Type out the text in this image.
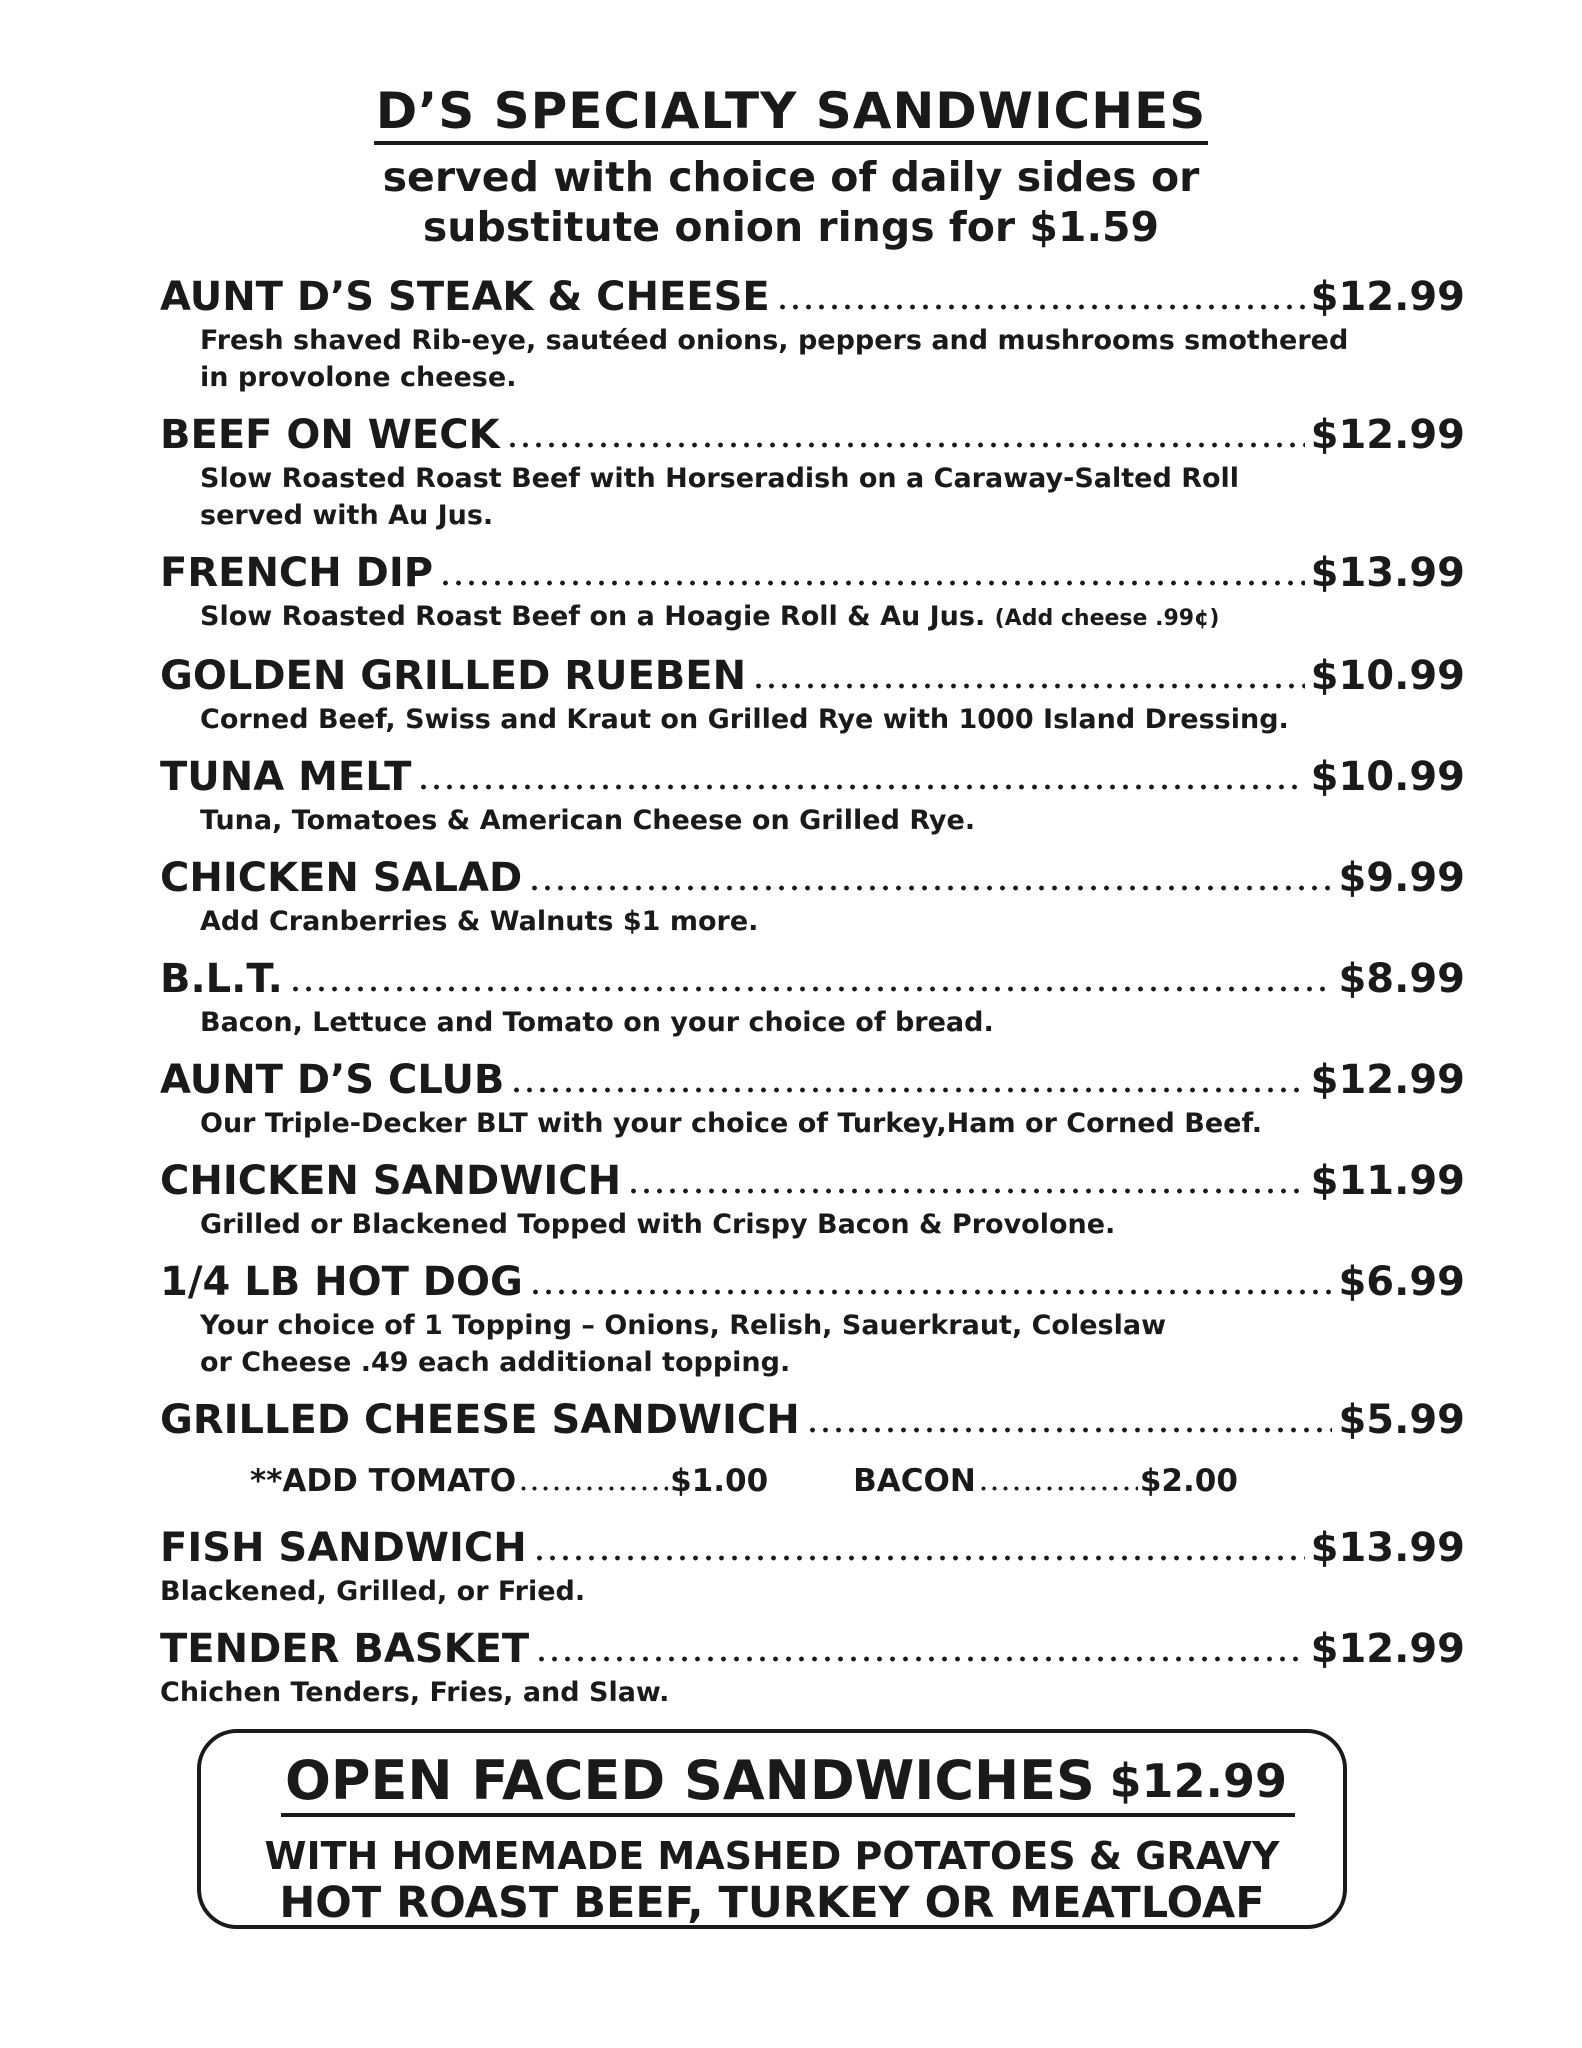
D’S SPECIALTY SANDWICHES
served with choice of daily sides or
substitute onion rings for $1.59
AUNT D’S STEAK & CHEESE	$12.99
Fresh shaved Rib-eye, sautéed onions, peppers and mushrooms smothered
in provolone cheese.
BEEF ON WECK	$12.99
Slow Roasted Roast Beef with Horseradish on a Caraway-Salted Roll
served with Au Jus.
FRENCH DIP	$13.99
Slow Roasted Roast Beef on a Hoagie Roll & Au Jus. (Add cheese .99¢)
GOLDEN GRILLED RUEBEN	$10.99
Corned Beef, Swiss and Kraut on Grilled Rye with 1000 Island Dressing.
TUNA MELT	$10.99
Tuna, Tomatoes & American Cheese on Grilled Rye.
CHICKEN SALAD	$9.99
Add Cranberries & Walnuts $1 more.
B.L.T.	$8.99
Bacon, Lettuce and Tomato on your choice of bread.
AUNT D’S CLUB	$12.99
Our Triple-Decker BLT with your choice of Turkey,Ham or Corned Beef.
CHICKEN SANDWICH	$11.99
Grilled or Blackened Topped with Crispy Bacon & Provolone.
1/4 LB HOT DOG	$6.99
Your choice of 1 Topping – Onions, Relish, Sauerkraut, Coleslaw
or Cheese .49 each additional topping.
GRILLED CHEESE SANDWICH	$5.99
**ADD TOMATO	$1.00	BACON	$2.00
FISH SANDWICH	$13.99
Blackened, Grilled, or Fried.
TENDER BASKET	$12.99
Chichen Tenders, Fries, and Slaw.
OPEN FACED SANDWICHES $12.99
WITH HOMEMADE MASHED POTATOES & GRAVY
HOT ROAST BEEF, TURKEY OR MEATLOAF
